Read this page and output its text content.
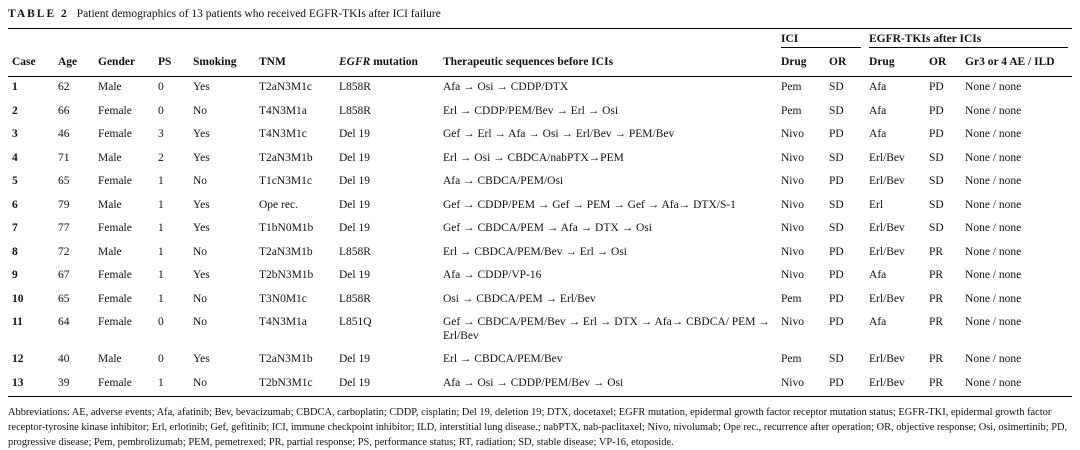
TABLE 2 Patient demographics of 13 patients who received EGFR-TKIs after ICI failure

								ICI		EGFR-TKIs after ICIs		

Case	Age	Gender	PS	Smoking	TNM	EGFR mutation	Therapeutic sequences before ICIs	Drug	OR	Drug	OR	Gr3 or 4 AE / ILD
1	62	Male	0	Yes	T2aN3M1c	L858R	Afa → Osi → CDDP/DTX	Pem	SD	Afa	PD	None / none
2	66	Female	0	No	T4N3M1a	L858R	Erl → CDDP/PEM/Bev → Erl → Osi	Pem	SD	Afa	PD	None / none
3	46	Female	3	Yes	T4N3M1c	Del 19	Gef → Erl → Afa → Osi → Erl/Bev → PEM/Bev	Nivo	PD	Afa	PD	None / none
4	71	Male	2	Yes	T2aN3M1b	Del 19	Erl → Osi → CBDCA/nabPTX→PEM	Nivo	SD	Erl/Bev	SD	None / none
5	65	Female	1	No	T1cN3M1c	Del 19	Afa → CBDCA/PEM/Osi	Nivo	PD	Erl/Bev	SD	None / none
6	79	Male	1	Yes	Ope rec.	Del 19	Gef → CDDP/PEM → Gef → PEM → Gef → Afa→ DTX/S-1	Nivo	SD	Erl	SD	None / none
7	77	Female	1	Yes	T1bN0M1b	Del 19	Gef → CBDCA/PEM → Afa → DTX → Osi	Nivo	SD	Erl/Bev	SD	None / none
8	72	Male	1	No	T2aN3M1b	L858R	Erl → CBDCA/PEM/Bev → Erl → Osi	Nivo	PD	Erl/Bev	PR	None / none
9	67	Female	1	Yes	T2bN3M1b	Del 19	Afa → CDDP/VP-16	Nivo	PD	Afa	PR	None / none
10	65	Female	1	No	T3N0M1c	L858R	Osi → CBDCA/PEM → Erl/Bev	Pem	PD	Erl/Bev	PR	None / none
11	64	Female	0	No	T4N3M1a	L851Q	Gef → CBDCA/PEM/Bev → Erl → DTX → Afa→ CBDCA/ PEM → Erl/Bev	Nivo	PD	Afa	PR	None / none
12	40	Male	0	Yes	T2aN3M1b	Del 19	Erl → CBDCA/PEM/Bev	Pem	SD	Erl/Bev	PR	None / none
13	39	Female	1	No	T2bN3M1c	Del 19	Afa → Osi → CDDP/PEM/Bev → Osi	Nivo	PD	Erl/Bev	PR	None / none
Abbreviations: AE, adverse events; Afa, afatinib; Bev, bevacizumab; CBDCA, carboplatin; CDDP, cisplatin; Del 19, deletion 19; DTX, docetaxel; EGFR mutation, epidermal growth factor receptor mutation status; EGFR-TKI, epidermal growth factor receptor-tyrosine kinase inhibitor; Erl, erlotinib; Gef, gefitinib; ICI, immune checkpoint inhibitor; ILD, interstitial lung disease.; nabPTX, nab-paclitaxel; Nivo, nivolumab; Ope rec., recurrence after operation; OR, objective response; Osi, osimertinib; PD, progressive disease; Pem, pembrolizumab; PEM, pemetrexed; PR, partial response; PS, performance status; RT, radiation; SD, stable disease; VP-16, etoposide.
